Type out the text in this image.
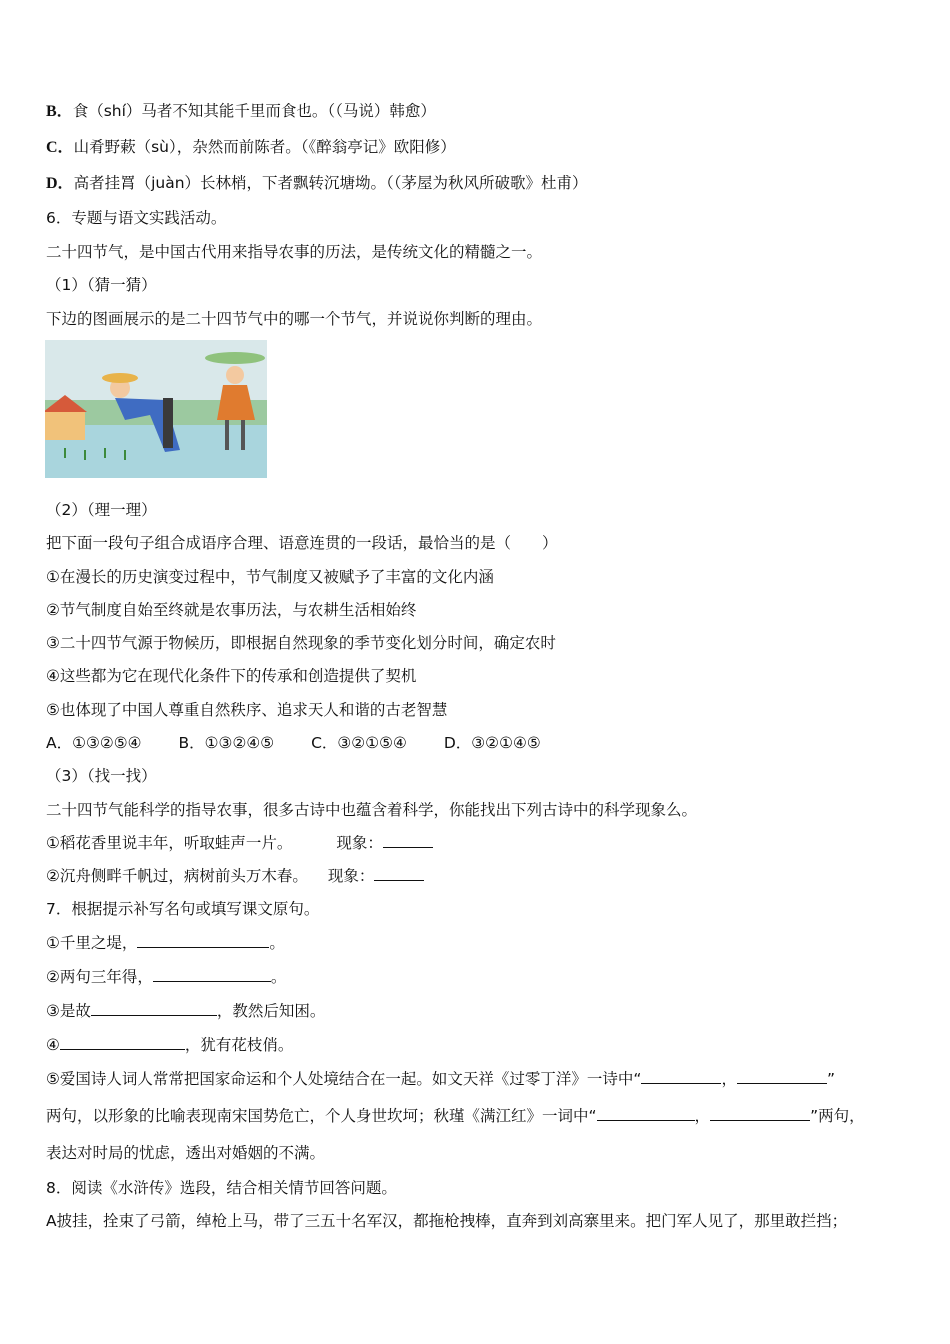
B．食（shí）马者不知其能千里而食也。（（马说）韩愈）
C．山肴野蔌（sù），杂然而前陈者。（《醉翁亭记》欧阳修）
D．高者挂罥（juàn）长林梢，下者飘转沉塘坳。（（茅屋为秋风所破歌》杜甫）
6．专题与语文实践活动。
二十四节气，是中国古代用来指导农事的历法，是传统文化的精髓之一。
（1）（猜一猜）
下边的图画展示的是二十四节气中的哪一个节气，并说说你判断的理由。
（2）（理一理）
把下面一段句子组合成语序合理、语意连贯的一段话，最恰当的是（　　）
①在漫长的历史演变过程中，节气制度又被赋予了丰富的文化内涵
②节气制度自始至终就是农事历法，与农耕生活相始终
③二十四节气源于物候历，即根据自然现象的季节变化划分时间，确定农时
④这些都为它在现代化条件下的传承和创造提供了契机
⑤也体现了中国人尊重自然秩序、追求天人和谐的古老智慧
A．①③②⑤④ B．①③②④⑤ C．③②①⑤④ D．③②①④⑤
（3）（找一找）
二十四节气能科学的指导农事，很多古诗中也蕴含着科学，你能找出下列古诗中的科学现象么。
①稻花香里说丰年，听取蛙声一片。	现象：
②沉舟侧畔千帆过，病树前头万木春。 现象：
7．根据提示补写名句或填写课文原句。
①千里之堤，	。
②两句三年得，	。
③是故	，教然后知困。
④	，犹有花枝俏。
⑤爱国诗人词人常常把国家命运和个人处境结合在一起。如文天祥《过零丁洋》一诗中“	，	”
两句，以形象的比喻表现南宋国势危亡，个人身世坎坷；秋瑾《满江红》一词中“	，	”两句，
表达对时局的忧虑，透出对婚姻的不满。
8．阅读《水浒传》选段，结合相关情节回答问题。
A披挂，拴束了弓箭，绰枪上马，带了三五十名军汉，都拖枪拽棒，直奔到刘高寨里来。把门军人见了，那里敢拦挡；
